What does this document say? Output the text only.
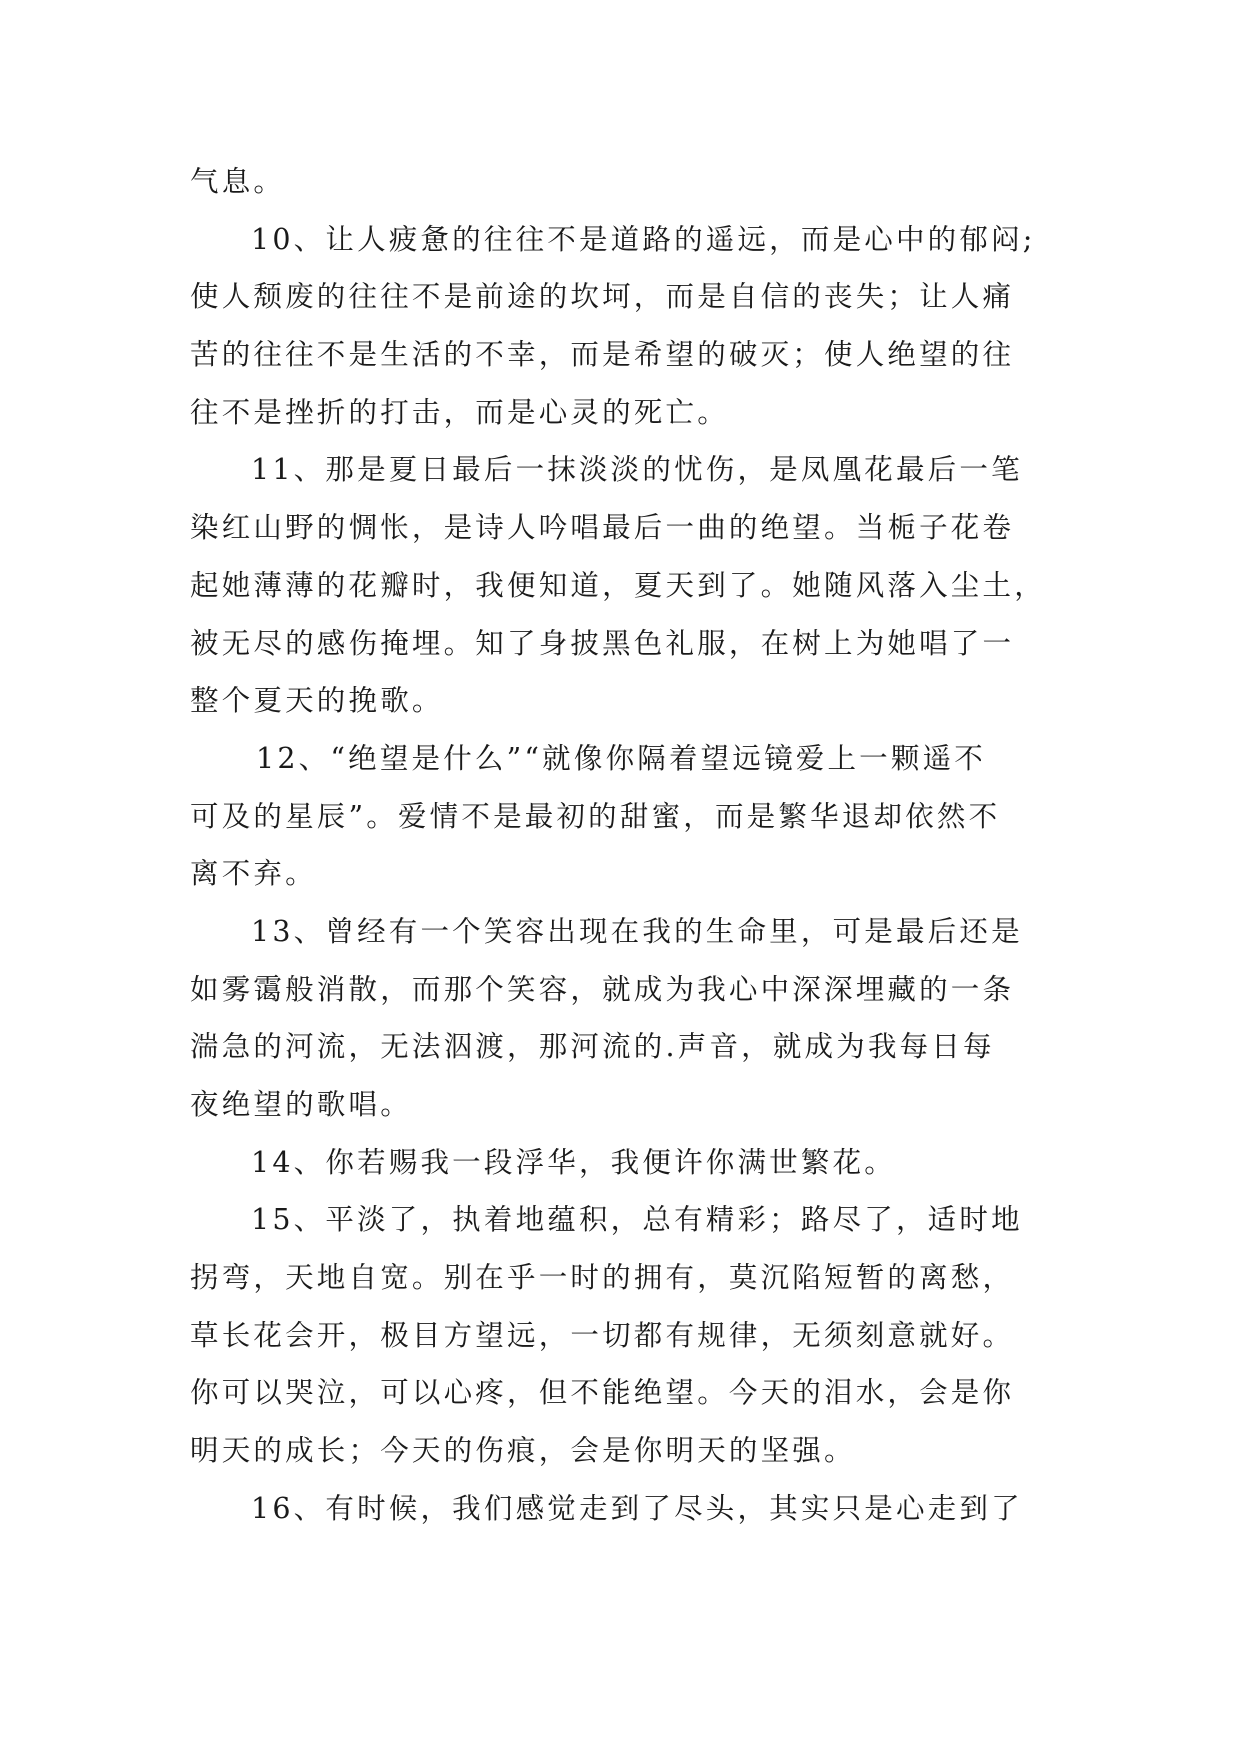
气息。
10、让人疲惫的往往不是道路的遥远，而是心中的郁闷;
使人颓废的往往不是前途的坎坷，而是自信的丧失；让人痛
苦的往往不是生活的不幸，而是希望的破灭；使人绝望的往
往不是挫折的打击，而是心灵的死亡。
11、那是夏日最后一抹淡淡的忧伤，是凤凰花最后一笔
染红山野的惆怅，是诗人吟唱最后一曲的绝望。当栀子花卷
起她薄薄的花瓣时，我便知道，夏天到了。她随风落入尘土，
被无尽的感伤掩埋。知了身披黑色礼服，在树上为她唱了一
整个夏天的挽歌。
12、“绝望是什么”“就像你隔着望远镜爱上一颗遥不
可及的星辰”。爱情不是最初的甜蜜，而是繁华退却依然不
离不弃。
13、曾经有一个笑容出现在我的生命里，可是最后还是
如雾霭般消散，而那个笑容，就成为我心中深深埋藏的一条
湍急的河流，无法泅渡，那河流的.声音，就成为我每日每
夜绝望的歌唱。
14、你若赐我一段浮华，我便许你满世繁花。
15、平淡了，执着地蕴积，总有精彩；路尽了，适时地
拐弯，天地自宽。别在乎一时的拥有，莫沉陷短暂的离愁，
草长花会开，极目方望远，一切都有规律，无须刻意就好。
你可以哭泣，可以心疼，但不能绝望。今天的泪水，会是你
明天的成长；今天的伤痕，会是你明天的坚强。
16、有时候，我们感觉走到了尽头，其实只是心走到了
